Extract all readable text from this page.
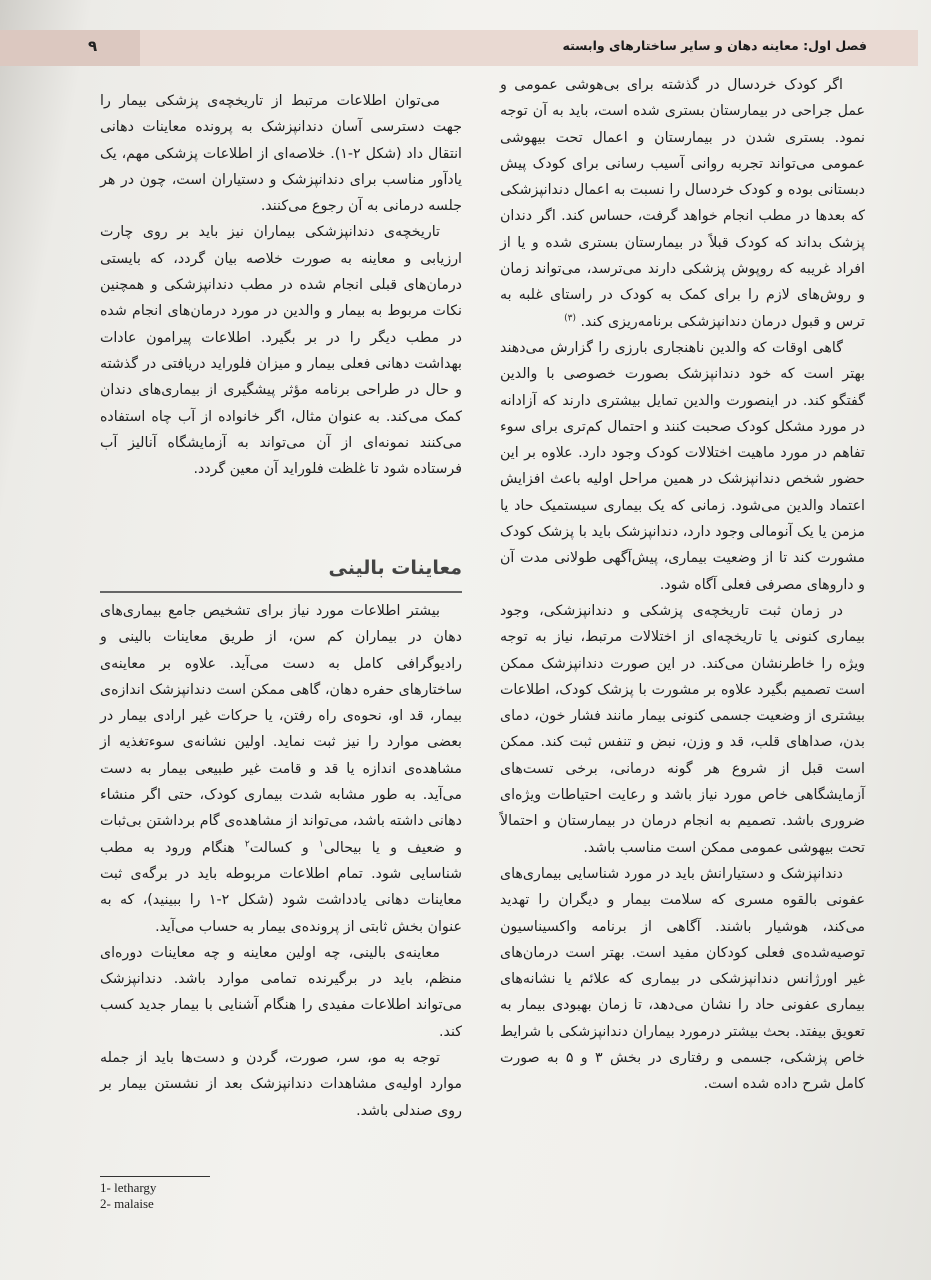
۹	فصل اول: معاینه دهان و سایر ساختارهای وابسته

اگر کودک خردسال در گذشته برای بی‌هوشی عمومی و عمل جراحی در بیمارستان بستری شده است، باید به آن توجه نمود. بستری شدن در بیمارستان و اعمال تحت بیهوشی عمومی می‌تواند تجربه روانی آسیب رسانی برای کودک پیش دبستانی بوده و کودک خردسال را نسبت به اعمال دندانپزشکی که بعدها در مطب انجام خواهد گرفت، حساس کند. اگر دندان پزشک بداند که کودک قبلاً در بیمارستان بستری شده و یا از افراد غریبه که روپوش پزشکی دارند می‌ترسد، می‌تواند زمان و روش‌های لازم را برای کمک به کودک در راستای غلبه به ترس و قبول درمان دندانپزشکی برنامه‌ریزی کند. $^{(۳)}$

گاهی اوقات که والدین ناهنجاری بارزی را گزارش می‌دهند بهتر است که خود دندانپزشک بصورت خصوصی با والدین گفتگو کند. در اینصورت والدین تمایل بیشتری دارند که آزادانه در مورد مشکل کودک صحبت کنند و احتمال کم‌تری برای سوء تفاهم در مورد ماهیت اختلالات کودک وجود دارد. علاوه بر این حضور شخص دندانپزشک در همین مراحل اولیه باعث افزایش اعتماد والدین می‌شود. زمانی که یک بیماری سیستمیک حاد یا مزمن یا یک آنومالی وجود دارد، دندانپزشک باید با پزشک کودک مشورت کند تا از وضعیت بیماری، پیش‌آگهی طولانی مدت آن و داروهای مصرفی فعلی آگاه شود.

در زمان ثبت تاریخچه‌ی پزشکی و دندانپزشکی، وجود بیماری کنونی یا تاریخچه‌ای از اختلالات مرتبط، نیاز به توجه ویژه را خاطرنشان می‌کند. در این صورت دندانپزشک ممکن است تصمیم بگیرد علاوه بر مشورت با پزشک کودک، اطلاعات بیشتری از وضعیت جسمی کنونی بیمار مانند فشار خون، دمای بدن، صداهای قلب، قد و وزن، نبض و تنفس ثبت کند. ممکن است قبل از شروع هر گونه درمانی، برخی تست‌های آزمایشگاهی خاص مورد نیاز باشد و رعایت احتیاطات ویژه‌ای ضروری باشد. تصمیم به انجام درمان در بیمارستان و احتمالاً تحت بیهوشی عمومی ممکن است مناسب باشد.

دندانپزشک و دستیارانش باید در مورد شناسایی بیماری‌های عفونی بالقوه مسری که سلامت بیمار و دیگران را تهدید می‌کند، هوشیار باشند. آگاهی از برنامه واکسیناسیون توصیه‌شده‌ی فعلی کودکان مفید است. بهتر است درمان‌های غیر اورژانس دندانپزشکی در بیماری که علائم یا نشانه‌های بیماری عفونی حاد را نشان می‌دهد، تا زمان بهبودی بیمار به تعویق بیفتد. بحث بیشتر درمورد بیماران دندانپزشکی با شرایط خاص پزشکی، جسمی و رفتاری در بخش ۳ و ۵ به صورت کامل شرح داده شده است.

می‌توان اطلاعات مرتبط از تاریخچه‌ی پزشکی بیمار را جهت دسترسی آسان دندانپزشک به پرونده معاینات دهانی انتقال داد (شکل ۲-۱). خلاصه‌ای از اطلاعات پزشکی مهم، یک یادآور مناسب برای دندانپزشک و دستیاران است، چون در هر جلسه درمانی به آن رجوع می‌کنند.

تاریخچه‌ی دندانپزشکی بیماران نیز باید بر روی چارت ارزیابی و معاینه به صورت خلاصه بیان گردد، که بایستی درمان‌های قبلی انجام شده در مطب دندانپزشکی و همچنین نکات مربوط به بیمار و والدین در مورد درمان‌های انجام شده در مطب دیگر را در بر بگیرد. اطلاعات پیرامون عادات بهداشت دهانی فعلی بیمار و میزان فلوراید دریافتی در گذشته و حال در طراحی برنامه مؤثر پیشگیری از بیماری‌های دندان کمک می‌کند. به عنوان مثال، اگر خانواده از آب چاه استفاده می‌کنند نمونه‌ای از آن می‌تواند به آزمایشگاه آنالیز آب فرستاده شود تا غلظت فلوراید آن معین گردد.

معاینات بالینی

بیشتر اطلاعات مورد نیاز برای تشخیص جامع بیماری‌های دهان در بیماران کم سن، از طریق معاینات بالینی و رادیوگرافی کامل به دست می‌آید. علاوه بر معاینه‌ی ساختارهای حفره دهان، گاهی ممکن است دندانپزشک اندازه‌ی بیمار، قد او، نحوه‌ی راه رفتن، یا حرکات غیر ارادی بیمار در بعضی موارد را نیز ثبت نماید. اولین نشانه‌ی سوءتغذیه از مشاهده‌ی اندازه یا قد و قامت غیر طبیعی بیمار به دست می‌آید. به طور مشابه شدت بیماری کودک، حتی اگر منشاء دهانی داشته باشد، می‌تواند از مشاهده‌ی گام برداشتن بی‌ثبات و ضعیف و یا بیحالی$^۱$ و کسالت$^۲$ هنگام ورود به مطب شناسایی شود. تمام اطلاعات مربوطه باید در برگه‌ی ثبت معاینات دهانی یادداشت شود (شکل ۲-۱ را ببینید)، که به عنوان بخش ثابتی از پرونده‌ی بیمار به حساب می‌آید.

معاینه‌ی بالینی، چه اولین معاینه و چه معاینات دوره‌ای منظم، باید در برگیرنده تمامی موارد باشد. دندانپزشک می‌تواند اطلاعات مفیدی را هنگام آشنایی با بیمار جدید کسب کند.

توجه به مو، سر، صورت، گردن و دست‌ها باید از جمله موارد اولیه‌ی مشاهدات دندانپزشک بعد از نشستن بیمار بر روی صندلی باشد.

1- lethargy
2- malaise
